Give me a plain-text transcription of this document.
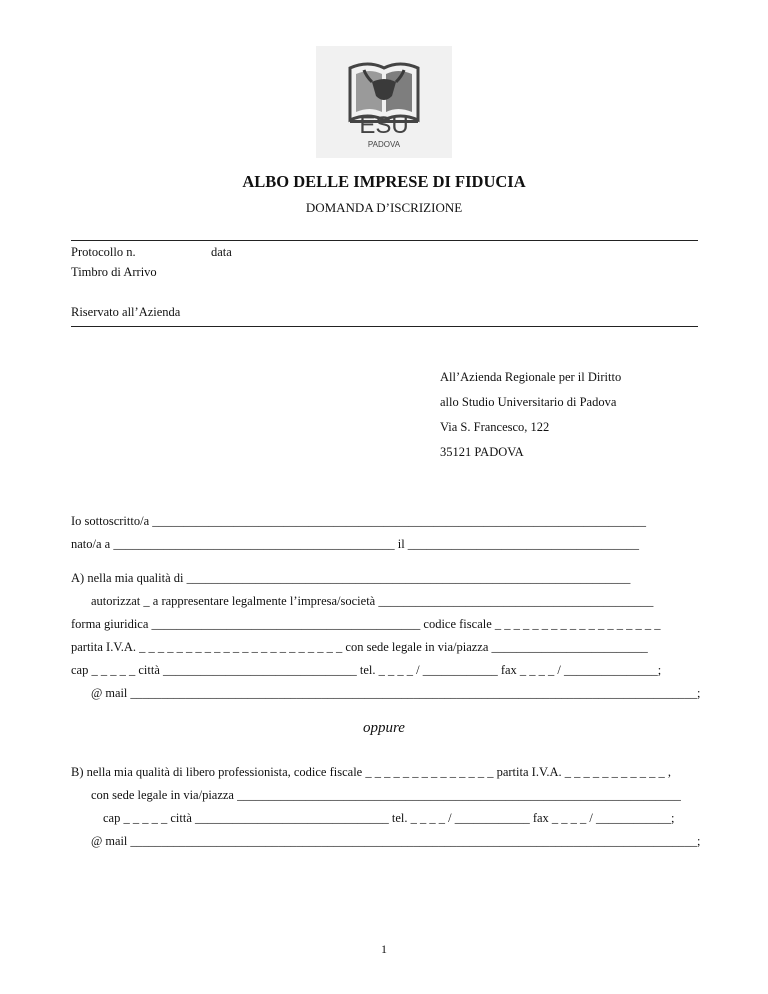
ESU
PADOVA
ALBO DELLE IMPRESE DI FIDUCIA
DOMANDA D’ISCRIZIONE
Protocollo n.	data
Timbro di Arrivo
Riservato all’Azienda
All’Azienda Regionale per il Diritto
allo Studio Universitario di Padova
Via S. Francesco, 122
35121 PADOVA
Io sottoscritto/a _______________________________________________________________________________
nato/a a _____________________________________________ il _____________________________________
A) nella mia qualità di _______________________________________________________________________
autorizzat _ a rappresentare legalmente l’impresa/società ____________________________________________
forma giuridica ___________________________________________ codice fiscale _ _ _ _ _ _ _ _ _ _ _ _ _ _ _ _ _ _
partita I.V.A. _ _ _ _ _ _ _ _ _ _ _ _ _ _ _ _ _ _ _ _ _ _ con sede legale in via/piazza _________________________
cap _ _ _ _ _ città _______________________________ tel. _ _ _ _ / ____________ fax _ _ _ _ / _______________;
@ mail ____________________________________________________________________________________________;
oppure
B) nella mia qualità di libero professionista, codice fiscale _ _ _ _ _ _ _ _ _ _ _ _ _ _ partita I.V.A. _ _ _ _ _ _ _ _ _ _ _ ,
con sede legale in via/piazza _______________________________________________________________________
cap _ _ _ _ _ città _______________________________ tel. _ _ _ _ / ____________ fax _ _ _ _ / ____________;
@ mail ____________________________________________________________________________________________;
1
